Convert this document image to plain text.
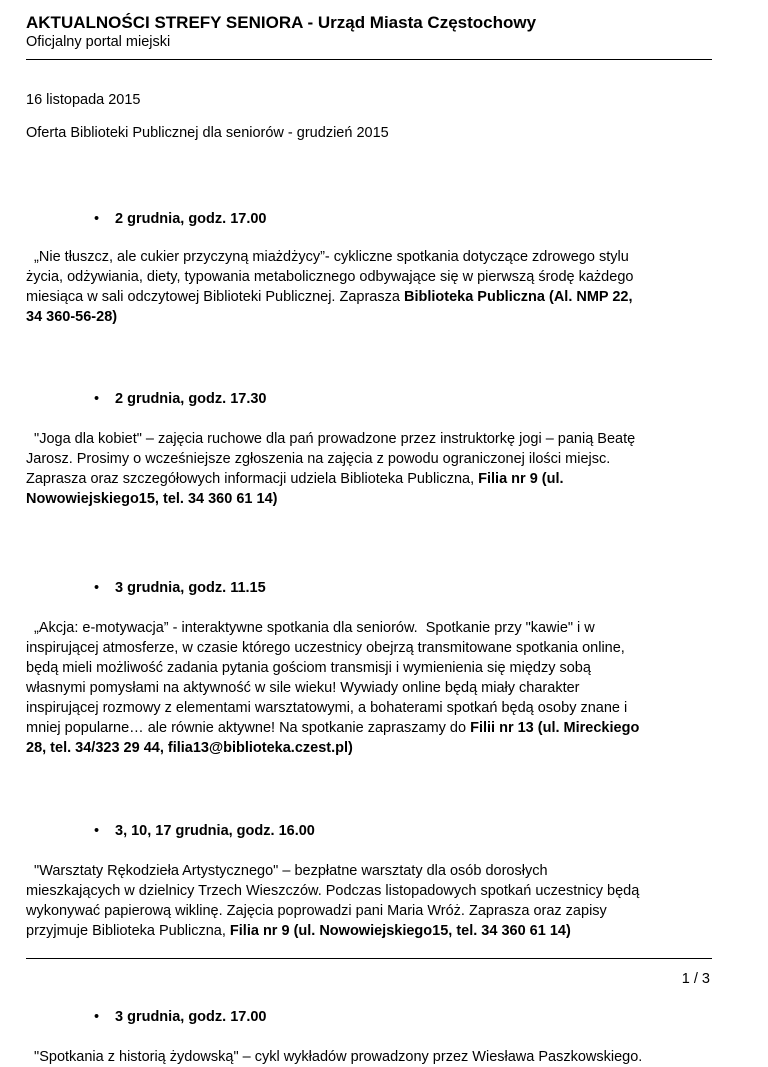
AKTUALNOŚCI STREFY SENIORA - Urząd Miasta Częstochowy

Oficjalny portal miejski

16 listopada 2015

Oferta Biblioteki Publicznej dla seniorów - grudzień 2015

• 2 grudnia, godz. 17.00
„Nie tłuszcz, ale cukier przyczyną miażdżycy”- cykliczne spotkania dotyczące zdrowego stylu
życia, odżywiania, diety, typowania metabolicznego odbywające się w pierwszą środę każdego
miesiąca w sali odczytowej Biblioteki Publicznej. Zaprasza Biblioteka Publiczna (Al. NMP 22,
34 360-56-28)
• 2 grudnia, godz. 17.30
"Joga dla kobiet" – zajęcia ruchowe dla pań prowadzone przez instruktorkę jogi – panią Beatę
Jarosz. Prosimy o wcześniejsze zgłoszenia na zajęcia z powodu ograniczonej ilości miejsc.
Zaprasza oraz szczegółowych informacji udziela Biblioteka Publiczna, Filia nr 9 (ul.
Nowowiejskiego15, tel. 34 360 61 14)
• 3 grudnia, godz. 11.15
„Akcja: e-motywacja” - interaktywne spotkania dla seniorów.  Spotkanie przy "kawie" i w
inspirującej atmosferze, w czasie którego uczestnicy obejrzą transmitowane spotkania online,
będą mieli możliwość zadania pytania gościom transmisji i wymienienia się między sobą
własnymi pomysłami na aktywność w sile wieku! Wywiady online będą miały charakter
inspirującej rozmowy z elementami warsztatowymi, a bohaterami spotkań będą osoby znane i
mniej popularne… ale równie aktywne! Na spotkanie zapraszamy do Filii nr 13 (ul. Mireckiego
28, tel. 34/323 29 44, filia13@biblioteka.czest.pl)
• 3, 10, 17 grudnia, godz. 16.00
"Warsztaty Rękodzieła Artystycznego" – bezpłatne warsztaty dla osób dorosłych
mieszkających w dzielnicy Trzech Wieszczów. Podczas listopadowych spotkań uczestnicy będą
wykonywać papierową wiklinę. Zajęcia poprowadzi pani Maria Wróż. Zaprasza oraz zapisy
przyjmuje Biblioteka Publiczna, Filia nr 9 (ul. Nowowiejskiego15, tel. 34 360 61 14)
• 3 grudnia, godz. 17.00
"Spotkania z historią żydowską" – cykl wykładów prowadzony przez Wiesława Paszkowskiego.
1 / 3
